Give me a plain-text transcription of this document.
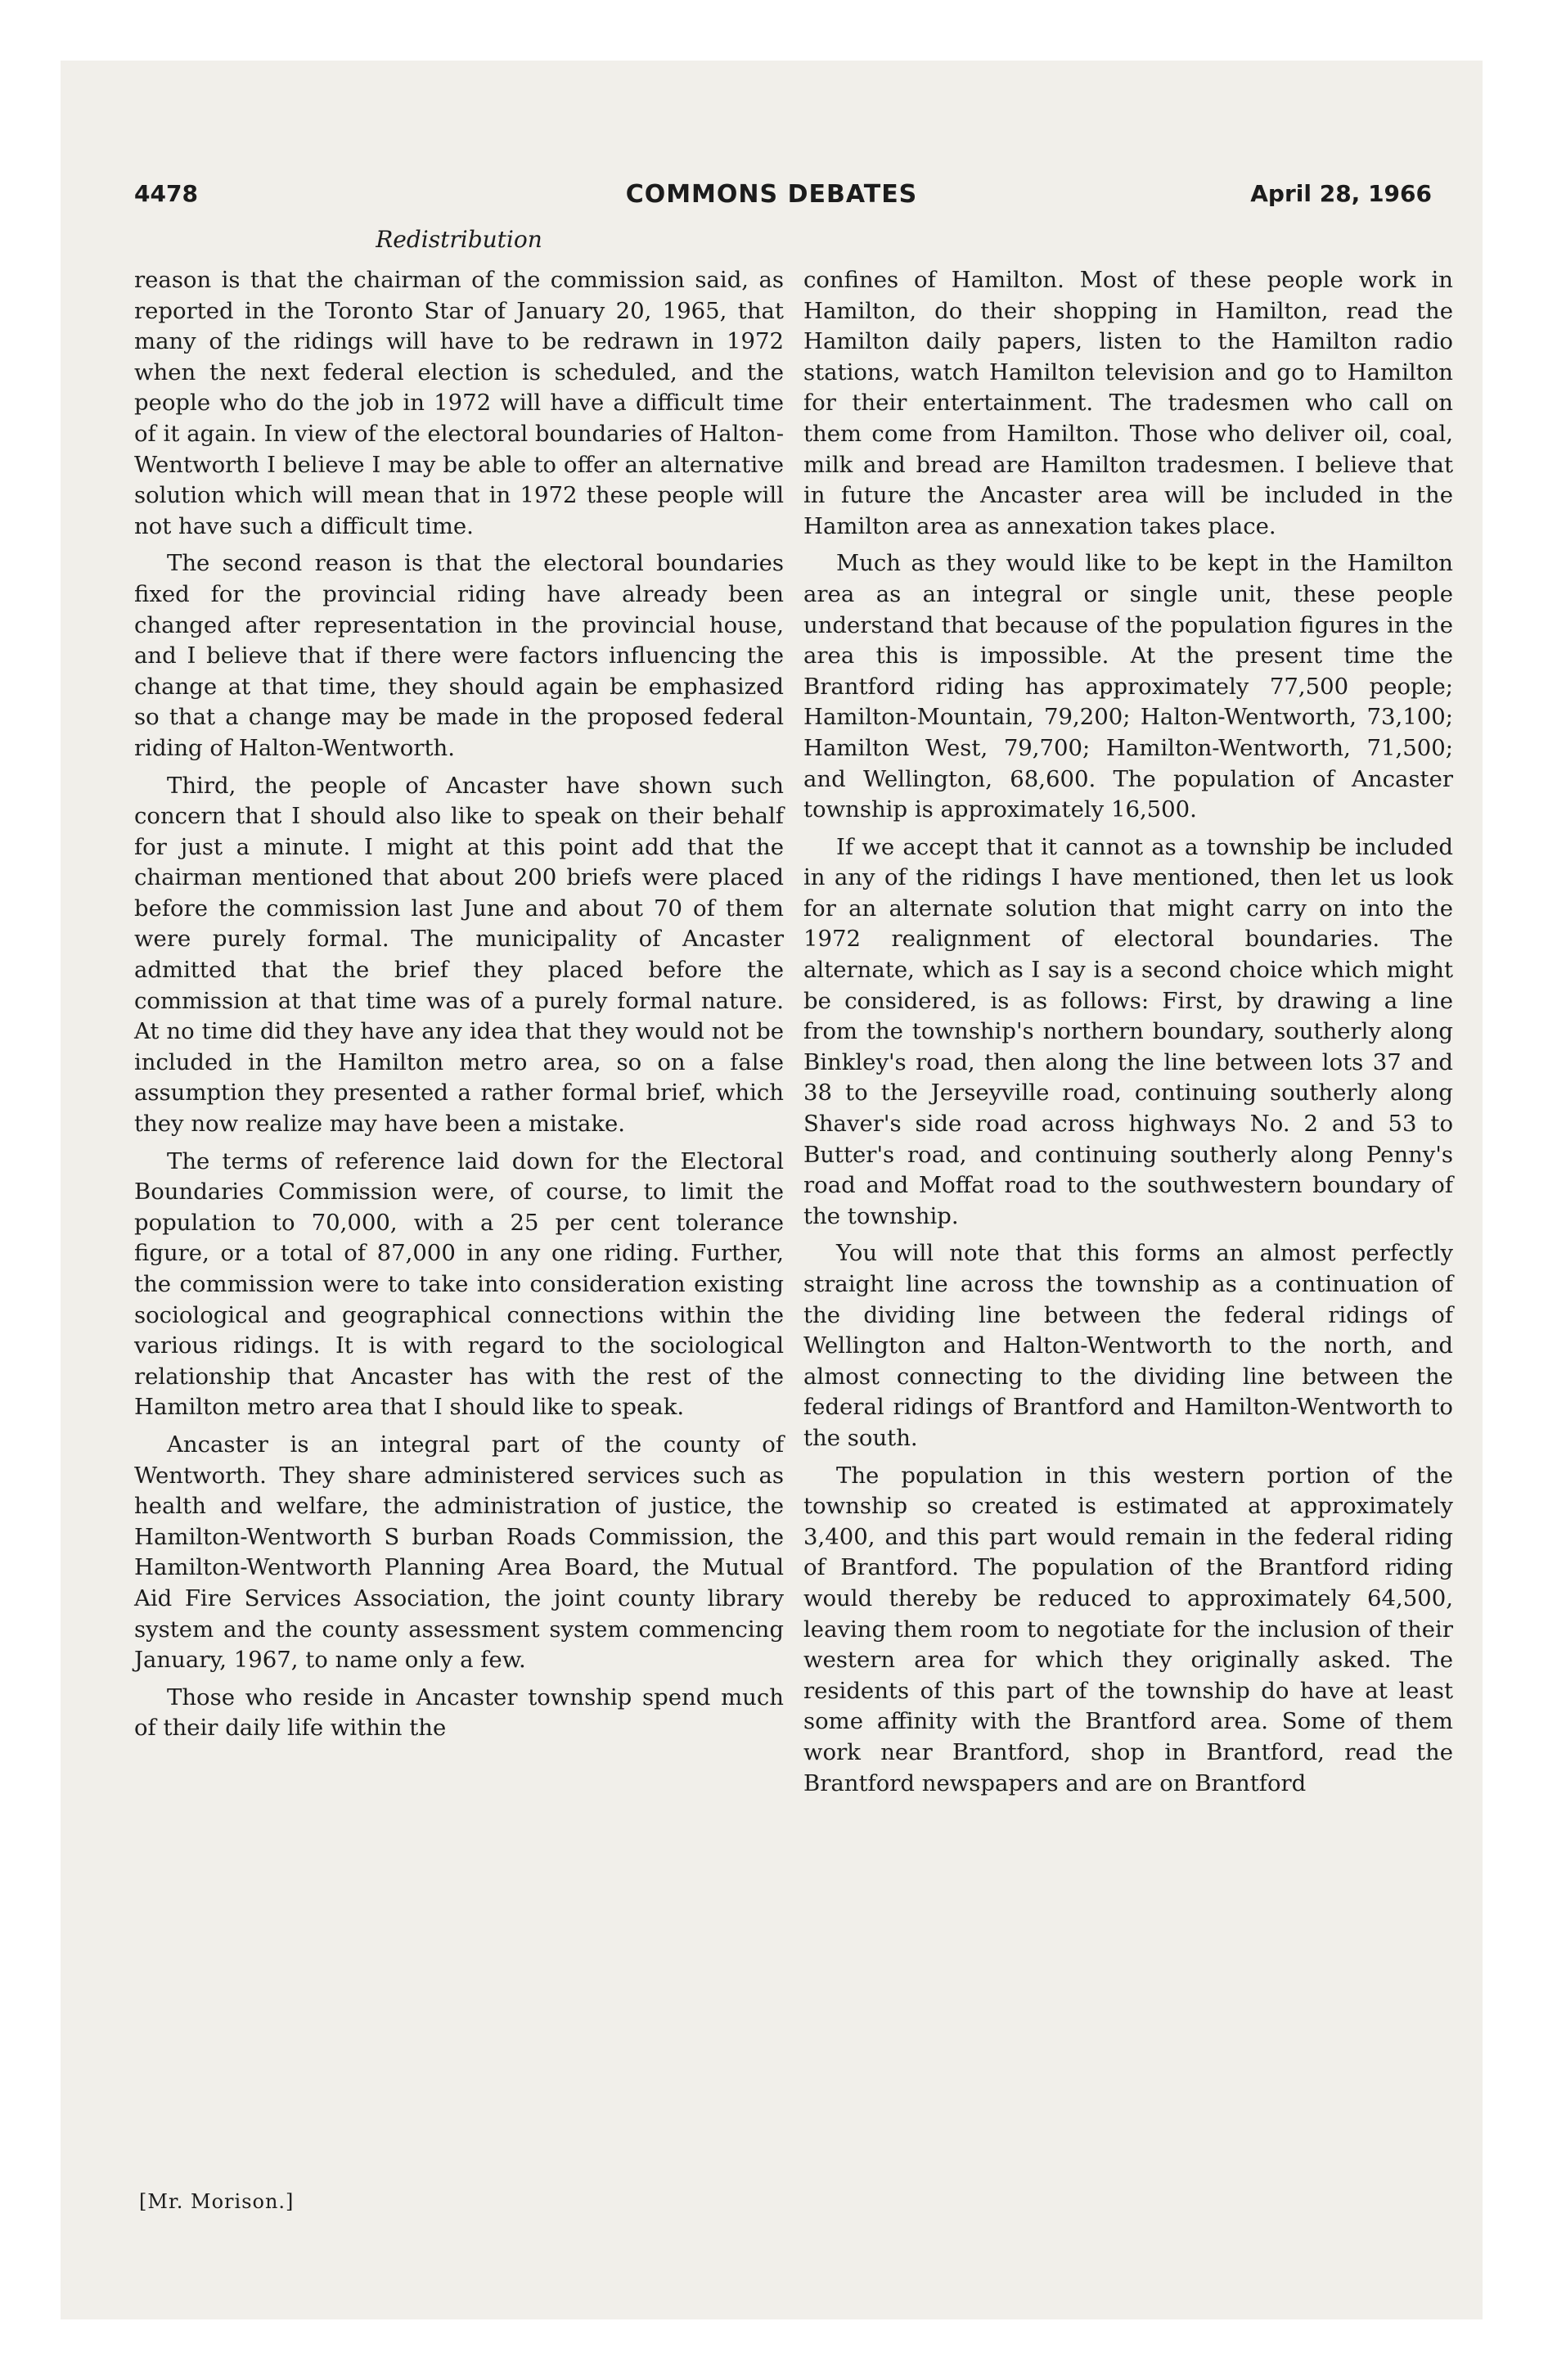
4478	COMMONS DEBATES	April 28, 1966
Redistribution

reason is that the chairman of the commission said, as reported in the Toronto Star of January 20, 1965, that many of the ridings will have to be redrawn in 1972 when the next federal election is scheduled, and the people who do the job in 1972 will have a difficult time of it again. In view of the electoral boundaries of Halton-Wentworth I believe I may be able to offer an alternative solution which will mean that in 1972 these people will not have such a difficult time.

The second reason is that the electoral boundaries fixed for the provincial riding have already been changed after representation in the provincial house, and I believe that if there were factors influencing the change at that time, they should again be emphasized so that a change may be made in the proposed federal riding of Halton-Wentworth.

Third, the people of Ancaster have shown such concern that I should also like to speak on their behalf for just a minute. I might at this point add that the chairman mentioned that about 200 briefs were placed before the commission last June and about 70 of them were purely formal. The municipality of Ancaster admitted that the brief they placed before the commission at that time was of a purely formal nature. At no time did they have any idea that they would not be included in the Hamilton metro area, so on a false assumption they presented a rather formal brief, which they now realize may have been a mistake.

The terms of reference laid down for the Electoral Boundaries Commission were, of course, to limit the population to 70,000, with a 25 per cent tolerance figure, or a total of 87,000 in any one riding. Further, the commission were to take into consideration existing sociological and geographical connections within the various ridings. It is with regard to the sociological relationship that Ancaster has with the rest of the Hamilton metro area that I should like to speak.

Ancaster is an integral part of the county of Wentworth. They share administered services such as health and welfare, the administration of justice, the Hamilton-Wentworth S burban Roads Commission, the Hamilton-Wentworth Planning Area Board, the Mutual Aid Fire Services Association, the joint county library system and the county assessment system commencing January, 1967, to name only a few.

Those who reside in Ancaster township spend much of their daily life within the

confines of Hamilton. Most of these people work in Hamilton, do their shopping in Hamilton, read the Hamilton daily papers, listen to the Hamilton radio stations, watch Hamilton television and go to Hamilton for their entertainment. The tradesmen who call on them come from Hamilton. Those who deliver oil, coal, milk and bread are Hamilton tradesmen. I believe that in future the Ancaster area will be included in the Hamilton area as annexation takes place.

Much as they would like to be kept in the Hamilton area as an integral or single unit, these people understand that because of the population figures in the area this is impossible. At the present time the Brantford riding has approximately 77,500 people; Hamilton-Mountain, 79,200; Halton-Wentworth, 73,100; Hamilton West, 79,700; Hamilton-Wentworth, 71,500; and Wellington, 68,600. The population of Ancaster township is approximately 16,500.

If we accept that it cannot as a township be included in any of the ridings I have mentioned, then let us look for an alternate solution that might carry on into the 1972 realignment of electoral boundaries. The alternate, which as I say is a second choice which might be considered, is as follows: First, by drawing a line from the township's northern boundary, southerly along Binkley's road, then along the line between lots 37 and 38 to the Jerseyville road, continuing southerly along Shaver's side road across highways No. 2 and 53 to Butter's road, and continuing southerly along Penny's road and Moffat road to the southwestern boundary of the township.

You will note that this forms an almost perfectly straight line across the township as a continuation of the dividing line between the federal ridings of Wellington and Halton-Wentworth to the north, and almost connecting to the dividing line between the federal ridings of Brantford and Hamilton-Wentworth to the south.

The population in this western portion of the township so created is estimated at approximately 3,400, and this part would remain in the federal riding of Brantford. The population of the Brantford riding would thereby be reduced to approximately 64,500, leaving them room to negotiate for the inclusion of their western area for which they originally asked. The residents of this part of the township do have at least some affinity with the Brantford area. Some of them work near Brantford, shop in Brantford, read the Brantford newspapers and are on Brantford

[Mr. Morison.]
